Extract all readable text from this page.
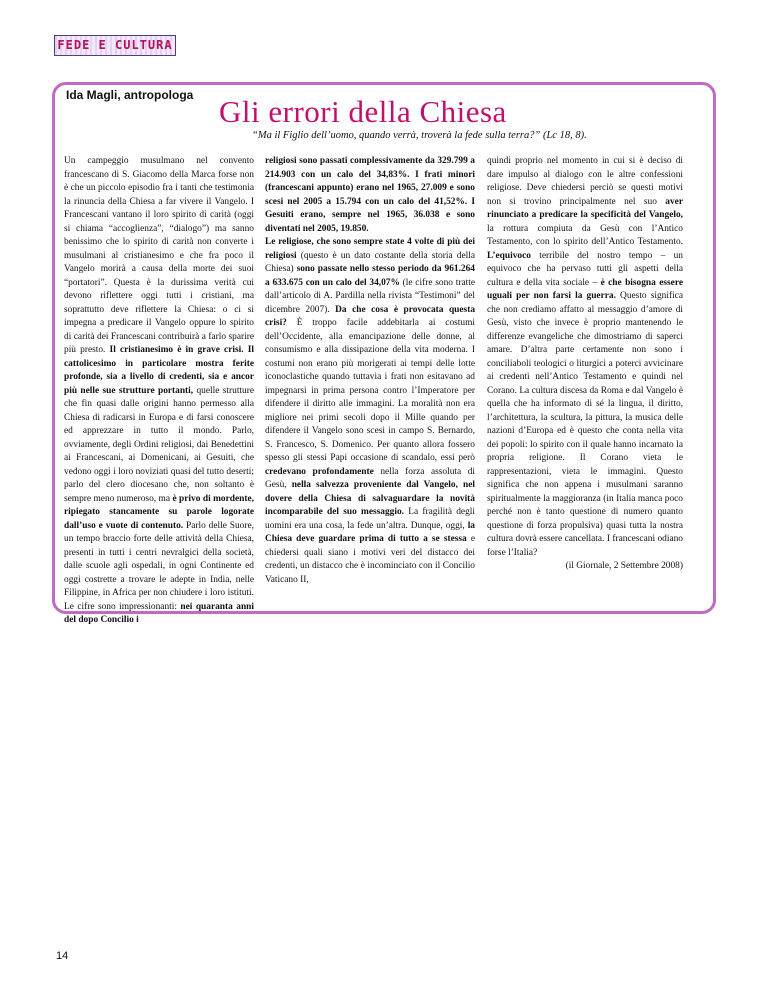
FEDE E CULTURA
Ida Magli, antropologa Gli errori della Chiesa
“Ma il Figlio dell’uomo, quando verrà, troverà la fede sulla terra?” (Lc 18, 8).

Un campeggio musulmano nel convento francescano di S. Giacomo della Marca forse non è che un piccolo episodio fra i tanti che testimonia la rinuncia della Chiesa a far vivere il Vangelo. I Francescani vantano il loro spirito di carità (oggi si chiama “accoglienza”, “dialogo”) ma sanno benissimo che lo spirito di carità non converte i musulmani al cristianesimo e che fra poco il Vangelo morirà a causa della morte dei suoi “portatori”. Questa è la durissima verità cui devono riflettere oggi tutti i cristiani, ma soprattutto deve riflettere la Chiesa: o ci si impegna a predicare il Vangelo oppure lo spirito di carità dei Francescani contribuirà a farlo sparire più presto. Il cristianesimo è in grave crisi. Il cattolicesimo in particolare mostra ferite profonde, sia a livello di credenti, sia e ancor più nelle sue strutture portanti, quelle strutture che fin quasi dalle origini hanno permesso alla Chiesa di radicarsi in Europa e di farsi conoscere ed apprezzare in tutto il mondo. Parlo, ovviamente, degli Ordini religiosi, dai Benedettini ai Francescani, ai Domenicani, ai Gesuiti, che vedono oggi i loro noviziati quasi del tutto deserti; parlo del clero diocesano che, non soltanto è sempre meno numeroso, ma è privo di mordente, ripiegato stancamente su parole logorate dall’uso e vuote di contenuto. Parlo delle Suore, un tempo braccio forte delle attività della Chiesa, presenti in tutti i centri nevralgici della società, dalle scuole agli ospedali, in ogni Continente ed oggi costrette a trovare le adepte in India, nelle Filippine, in Africa per non chiudere i loro istituti. Le cifre sono impressionanti: nei quaranta anni del dopo Concilio i

religiosi sono passati complessivamente da 329.799 a 214.903 con un calo del 34,83%. I frati minori (francescani appunto) erano nel 1965, 27.009 e sono scesi nel 2005 a 15.794 con un calo del 41,52%. I Gesuiti erano, sempre nel 1965, 36.038 e sono diventati nel 2005, 19.850.

Le religiose, che sono sempre state 4 volte di più dei religiosi (questo è un dato costante della storia della Chiesa) sono passate nello stesso periodo da 961.264 a 633.675 con un calo del 34,07% (le cifre sono tratte dall’articolo di A. Pardilla nella rivista “Testimoni” del dicembre 2007). Da che cosa è provocata questa crisi? È troppo facile addebitarla ai costumi dell’Occidente, alla emancipazione delle donne, al consumismo e alla dissipazione della vita moderna. I costumi non erano più morigerati ai tempi delle lotte iconoclastiche quando tuttavia i frati non esitavano ad impegnarsi in prima persona contro l’Imperatore per difendere il diritto alle immagini. La moralità non era migliore nei primi secoli dopo il Mille quando per difendere il Vangelo sono scesi in campo S. Bernardo, S. Francesco, S. Domenico. Per quanto allora fossero spesso gli stessi Papi occasione di scandalo, essi però credevano profondamente nella forza assoluta di Gesù, nella salvezza proveniente dal Vangelo, nel dovere della Chiesa di salvaguardare la novità incomparabile del suo messaggio. La fragilità degli uomini era una cosa, la fede un’altra. Dunque, oggi, la Chiesa deve guardare prima di tutto a se stessa e chiedersi quali siano i motivi veri del distacco dei credenti, un distacco che è incominciato con il Concilio Vaticano II,

quindi proprio nel momento in cui si è deciso di dare impulso al dialogo con le altre confessioni religiose. Deve chiedersi perciò se questi motivi non si trovino principalmente nel suo aver rinunciato a predicare la specificità del Vangelo, la rottura compiuta da Gesù con l’Antico Testamento, con lo spirito dell’Antico Testamento. L’equivoco terribile del nostro tempo – un equivoco che ha pervaso tutti gli aspetti della cultura e della vita sociale – è che bisogna essere uguali per non farsi la guerra. Questo significa che non crediamo affatto al messaggio d’amore di Gesù, visto che invece è proprio mantenendo le differenze evangeliche che dimostriamo di saperci amare. D’altra parte certamente non sono i conciliaboli teologici o liturgici a poterci avvicinare ai credenti nell’Antico Testamento e quindi nel Corano. La cultura discesa da Roma e dal Vangelo è quella che ha informato di sé la lingua, il diritto, l’architettura, la scultura, la pittura, la musica delle nazioni d’Europa ed è questo che conta nella vita dei popoli: lo spirito con il quale hanno incarnato la propria religione. Il Corano vieta le rappresentazioni, vieta le immagini. Questo significa che non appena i musulmani saranno spiritualmente la maggioranza (in Italia manca poco perché non è tanto questione di numero quanto questione di forza propulsiva) quasi tutta la nostra cultura dovrà essere cancellata. I francescani odiano forse l’Italia?

(il Giornale, 2 Settembre 2008)
14
